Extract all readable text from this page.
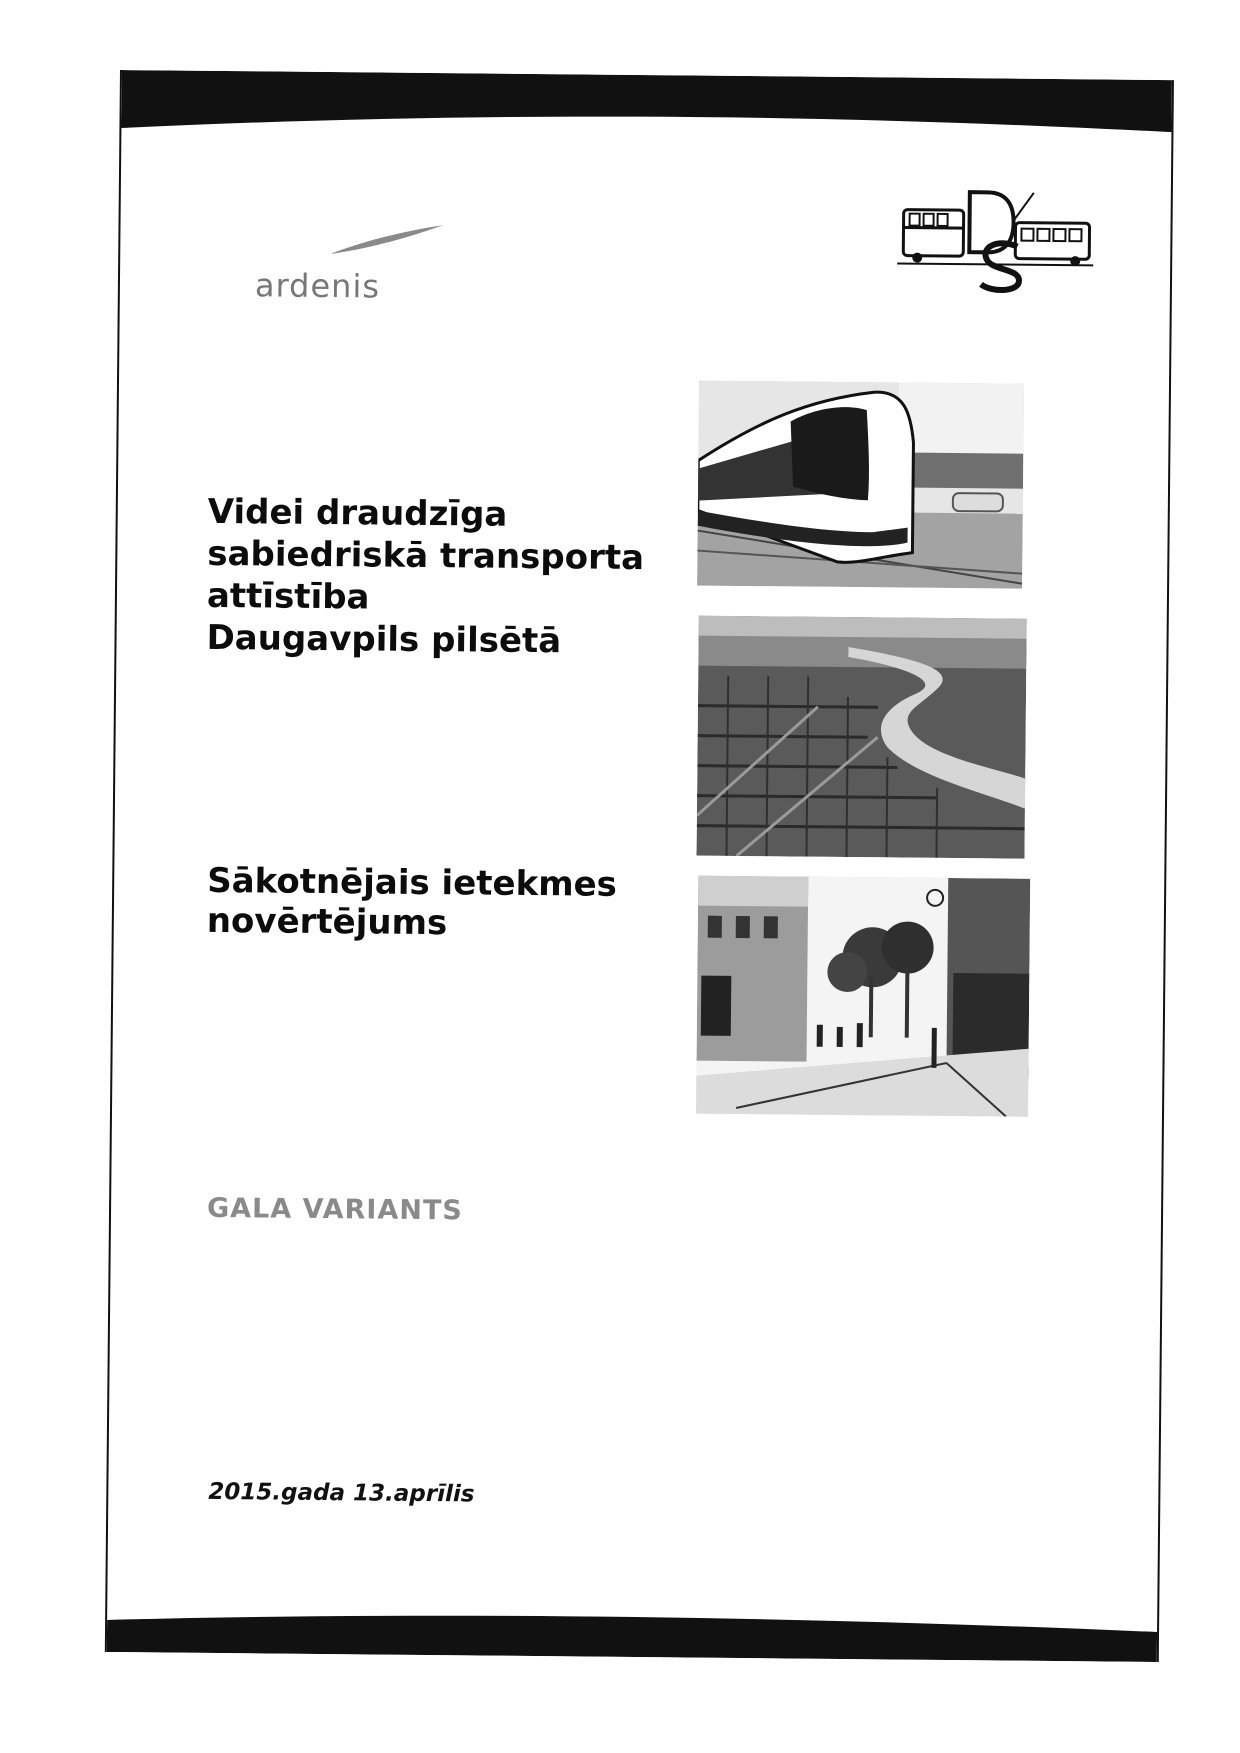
ardenis
Videi draudzīga
sabiedriskā transporta
attīstība
Daugavpils pilsētā
Sākotnējais ietekmes
novērtējums
GALA VARIANTS
2015.gada 13.aprīlis
